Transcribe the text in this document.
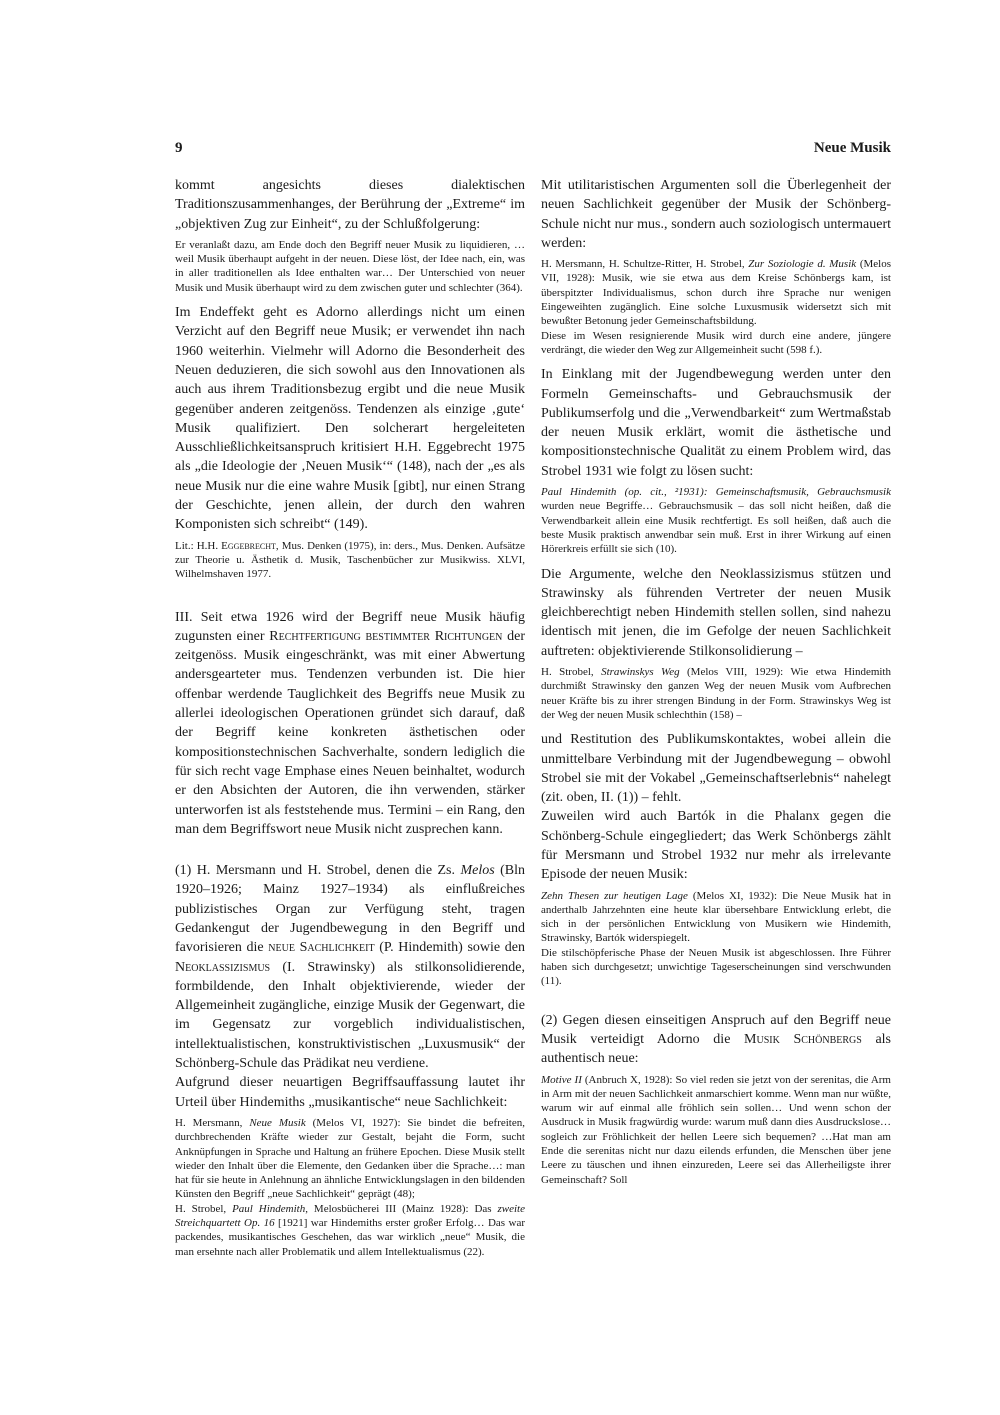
9	Neue Musik

kommt angesichts dieses dialektischen Traditionszusammenhanges, der Berührung der „Extreme“ im „objektiven Zug zur Einheit“, zu der Schlußfolgerung:

Er veranlaßt dazu, am Ende doch den Begriff neuer Musik zu liquidieren, …weil Musik überhaupt aufgeht in der neuen. Diese löst, der Idee nach, ein, was in aller traditionellen als Idee enthalten war… Der Unterschied von neuer Musik und Musik überhaupt wird zu dem zwischen guter und schlechter (364).

Im Endeffekt geht es Adorno allerdings nicht um einen Verzicht auf den Begriff neue Musik; er verwendet ihn nach 1960 weiterhin. Vielmehr will Adorno die Besonderheit des Neuen deduzieren, die sich sowohl aus den Innovationen als auch aus ihrem Traditionsbezug ergibt und die neue Musik gegenüber anderen zeitgenöss. Tendenzen als einzige ‚gute‘ Musik qualifiziert. Den solcherart hergeleiteten Ausschließlichkeitsanspruch kritisiert H.H. Eggebrecht 1975 als „die Ideologie der ‚Neuen Musik‘“ (148), nach der „es als neue Musik nur die eine wahre Musik [gibt], nur einen Strang der Geschichte, jenen allein, der durch den wahren Komponisten sich schreibt“ (149).

Lit.: H.H. Eggebrecht, Mus. Denken (1975), in: ders., Mus. Denken. Aufsätze zur Theorie u. Ästhetik d. Musik, Taschenbücher zur Musikwiss. XLVI, Wilhelmshaven 1977.

III. Seit etwa 1926 wird der Begriff neue Musik häufig zugunsten einer Rechtfertigung bestimmter Richtungen der zeitgenöss. Musik eingeschränkt, was mit einer Abwertung andersgearteter mus. Tendenzen verbunden ist. Die hier offenbar werdende Tauglichkeit des Begriffs neue Musik zu allerlei ideologischen Operationen gründet sich darauf, daß der Begriff keine konkreten ästhetischen oder kompositionstechnischen Sachverhalte, sondern lediglich die für sich recht vage Emphase eines Neuen beinhaltet, wodurch er den Absichten der Autoren, die ihn verwenden, stärker unterworfen ist als feststehende mus. Termini – ein Rang, den man dem Begriffswort neue Musik nicht zusprechen kann.

(1) H. Mersmann und H. Strobel, denen die Zs. Melos (Bln 1920–1926; Mainz 1927–1934) als einflußreiches publizistisches Organ zur Verfügung steht, tragen Gedankengut der Jugendbewegung in den Begriff und favorisieren die neue Sachlichkeit (P. Hindemith) sowie den Neoklassizismus (I. Strawinsky) als stilkonsolidierende, formbildende, den Inhalt objektivierende, wieder der Allgemeinheit zugängliche, einzige Musik der Gegenwart, die im Gegensatz zur vorgeblich individualistischen, intellektualistischen, konstruktivistischen „Luxusmusik“ der Schönberg-Schule das Prädikat neu verdiene.

Aufgrund dieser neuartigen Begriffsauffassung lautet ihr Urteil über Hindemiths „musikantische“ neue Sachlichkeit:

H. Mersmann, Neue Musik (Melos VI, 1927): Sie bindet die befreiten, durchbrechenden Kräfte wieder zur Gestalt, bejaht die Form, sucht Anknüpfungen in Sprache und Haltung an frühere Epochen. Diese Musik stellt wieder den Inhalt über die Elemente, den Gedanken über die Sprache…: man hat für sie heute in Anlehnung an ähnliche Entwicklungslagen in den bildenden Künsten den Begriff „neue Sachlichkeit“ geprägt (48);

H. Strobel, Paul Hindemith, Melosbücherei III (Mainz 1928): Das zweite Streichquartett Op. 16 [1921] war Hindemiths erster großer Erfolg… Das war packendes, musikantisches Geschehen, das war wirklich „neue“ Musik, die man ersehnte nach aller Problematik und allem Intellektualismus (22).

Mit utilitaristischen Argumenten soll die Überlegenheit der neuen Sachlichkeit gegenüber der Musik der Schönberg-Schule nicht nur mus., sondern auch soziologisch untermauert werden:

H. Mersmann, H. Schultze-Ritter, H. Strobel, Zur Soziologie d. Musik (Melos VII, 1928): Musik, wie sie etwa aus dem Kreise Schönbergs kam, ist überspitzter Individualismus, schon durch ihre Sprache nur wenigen Eingeweihten zugänglich. Eine solche Luxusmusik widersetzt sich mit bewußter Betonung jeder Gemeinschaftsbildung.

Diese im Wesen resignierende Musik wird durch eine andere, jüngere verdrängt, die wieder den Weg zur Allgemeinheit sucht (598 f.).

In Einklang mit der Jugendbewegung werden unter den Formeln Gemeinschafts- und Gebrauchsmusik der Publikumserfolg und die „Verwendbarkeit“ zum Wertmaßstab der neuen Musik erklärt, womit die ästhetische und kompositionstechnische Qualität zu einem Problem wird, das Strobel 1931 wie folgt zu lösen sucht:

Paul Hindemith (op. cit., ²1931): Gemeinschaftsmusik, Gebrauchsmusik wurden neue Begriffe… Gebrauchsmusik – das soll nicht heißen, daß die Verwendbarkeit allein eine Musik rechtfertigt. Es soll heißen, daß auch die beste Musik praktisch anwendbar sein muß. Erst in ihrer Wirkung auf einen Hörerkreis erfüllt sie sich (10).

Die Argumente, welche den Neoklassizismus stützen und Strawinsky als führenden Vertreter der neuen Musik gleichberechtigt neben Hindemith stellen sollen, sind nahezu identisch mit jenen, die im Gefolge der neuen Sachlichkeit auftreten: objektivierende Stilkonsolidierung –

H. Strobel, Strawinskys Weg (Melos VIII, 1929): Wie etwa Hindemith durchmißt Strawinsky den ganzen Weg der neuen Musik vom Aufbrechen neuer Kräfte bis zu ihrer strengen Bindung in der Form. Strawinskys Weg ist der Weg der neuen Musik schlechthin (158) –

und Restitution des Publikumskontaktes, wobei allein die unmittelbare Verbindung mit der Jugendbewegung – obwohl Strobel sie mit der Vokabel „Gemeinschaftserlebnis“ nahelegt (zit. oben, II. (1)) – fehlt.

Zuweilen wird auch Bartók in die Phalanx gegen die Schönberg-Schule eingegliedert; das Werk Schönbergs zählt für Mersmann und Strobel 1932 nur mehr als irrelevante Episode der neuen Musik:

Zehn Thesen zur heutigen Lage (Melos XI, 1932): Die Neue Musik hat in anderthalb Jahrzehnten eine heute klar übersehbare Entwicklung erlebt, die sich in der persönlichen Entwicklung von Musikern wie Hindemith, Strawinsky, Bartók widerspiegelt.

Die stilschöpferische Phase der Neuen Musik ist abgeschlossen. Ihre Führer haben sich durchgesetzt; unwichtige Tageserscheinungen sind verschwunden (11).

(2) Gegen diesen einseitigen Anspruch auf den Begriff neue Musik verteidigt Adorno die Musik Schönbergs als authentisch neue:

Motive II (Anbruch X, 1928): So viel reden sie jetzt von der serenitas, die Arm in Arm mit der neuen Sachlichkeit anmarschiert komme. Wenn man nur wüßte, warum wir auf einmal alle fröhlich sein sollen… Und wenn schon der Ausdruck in Musik fragwürdig wurde: warum muß dann dies Ausdruckslose… sogleich zur Fröhlichkeit der hellen Leere sich bequemen? …Hat man am Ende die serenitas nicht nur dazu eilends erfunden, die Menschen über jene Leere zu täuschen und ihnen einzureden, Leere sei das Allerheiligste ihrer Gemeinschaft? Soll
